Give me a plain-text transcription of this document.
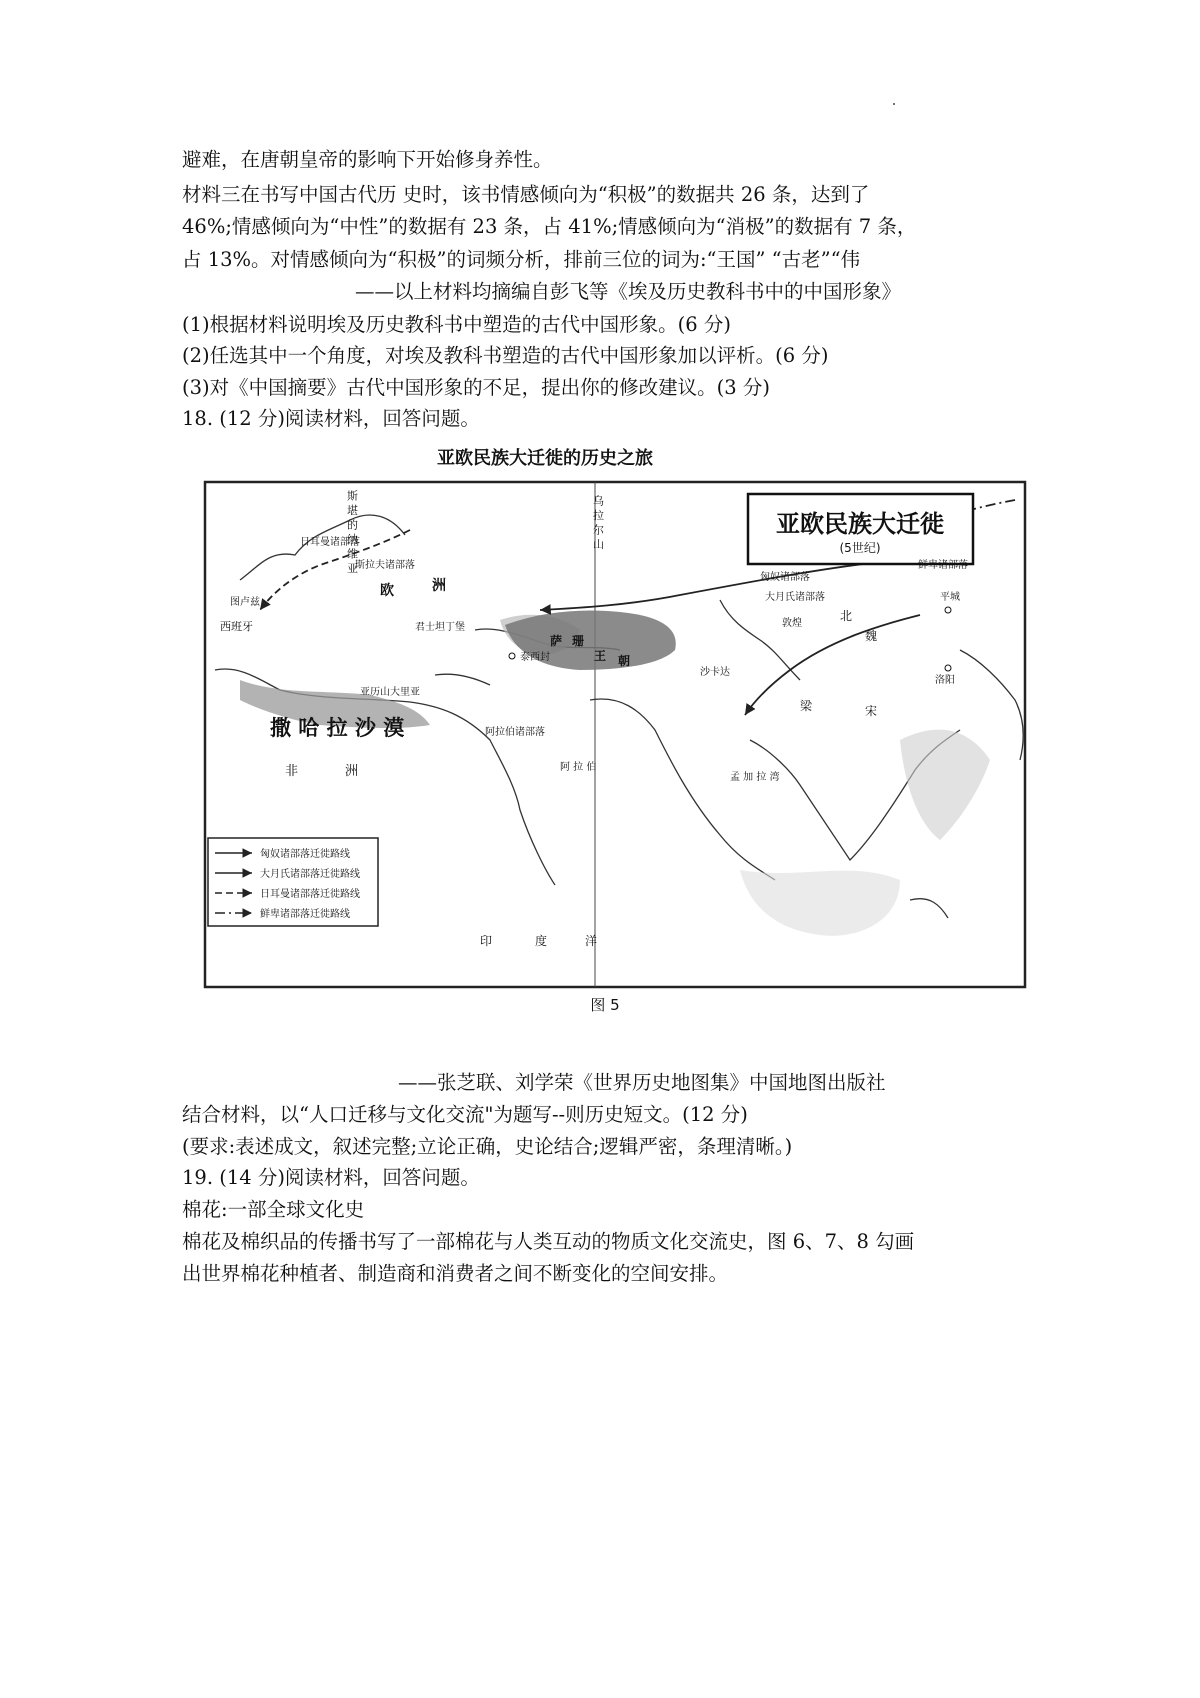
避难，在唐朝皇帝的影响下开始修身养性。
材料三在书写中国古代历 史时，该书情感倾向为“积极”的数据共 26 条，达到了
46%;情感倾向为“中性”的数据有 23 条，占 41%;情感倾向为“消极”的数据有 7 条，
占 13%。对情感倾向为“积极”的词频分析，排前三位的词为:“王国” “古老”“伟
——以上材料均摘编自彭飞等《埃及历史教科书中的中国形象》
(1)根据材料说明埃及历史教科书中塑造的古代中国形象。(6 分)
(2)任选其中一个角度，对埃及教科书塑造的古代中国形象加以评析。(6 分)
(3)对《中国摘要》古代中国形象的不足，提出你的修改建议。(3 分)
18. (12 分)阅读材料，回答问题。
亚欧民族大迁徙的历史之旅
亚欧民族大迁徙
(5世纪)
斯 堪 的 纳 维 亚	乌 拉 尔 山
撒 哈 拉 沙 漠
非	洲
欧	洲
日耳曼诸部落
斯拉夫诸部落
西班牙
图卢兹
君士坦丁堡
亚历山大里亚
泰西封
萨 珊
王 朝
阿拉伯诸部落
阿 拉 伯
孟 加 拉 湾
印	度	洋
匈奴诸部落
大月氏诸部落
鲜卑诸部落
敦煌
平城
洛阳
北
魏
宋
梁
沙卡达
匈奴诸部落迁徙路线
大月氏诸部落迁徙路线
日耳曼诸部落迁徙路线
鲜卑诸部落迁徙路线
图 5
——张芝联、刘学荣《世界历史地图集》中国地图出版社
结合材料，以“人口迁移与文化交流"为题写--则历史短文。(12 分)
(要求:表述成文，叙述完整;立论正确，史论结合;逻辑严密，条理清晰。)
19. (14 分)阅读材料，回答问题。
棉花:一部全球文化史
棉花及棉织品的传播书写了一部棉花与人类互动的物质文化交流史，图 6、7、8 勾画
出世界棉花种植者、制造商和消费者之间不断变化的空间安排。
